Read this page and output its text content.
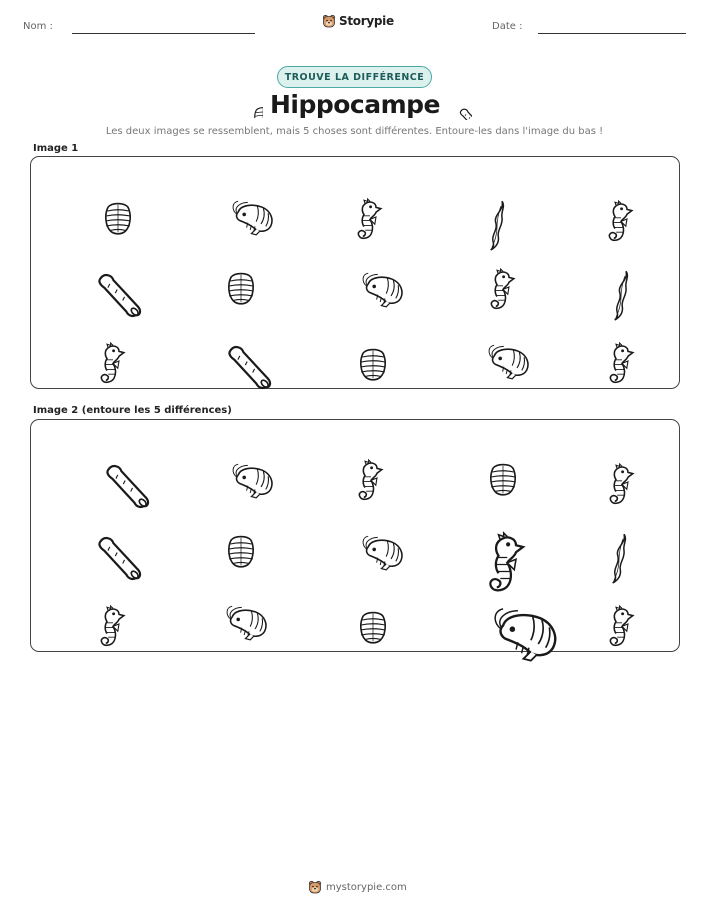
Nom :	Storypie	Date :
TROUVE LA DIFFÉRENCE
Hippocampe
Les deux images se ressemblent, mais 5 choses sont différentes. Entoure-les dans l'image du bas !
Image 1
Image 2 (entoure les 5 différences)
mystorypie.com
